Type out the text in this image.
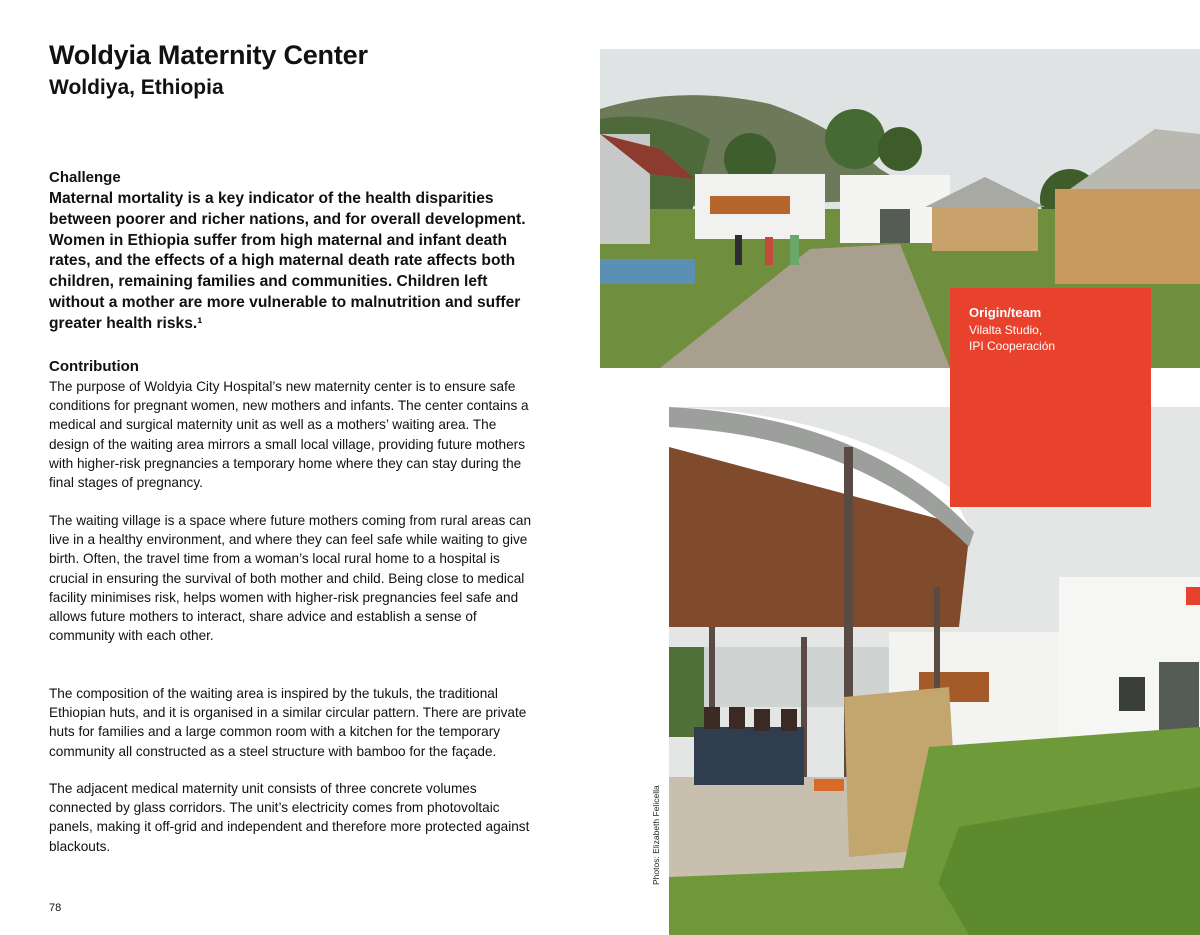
Woldyia Maternity Center
Woldiya, Ethiopia

Challenge

Maternal mortality is a key indicator of the health disparities between poorer and richer nations, and for overall development. Women in Ethiopia suffer from high maternal and infant death rates, and the effects of a high maternal death rate affects both children, remaining families and communities. Children left without a mother are more vulnerable to malnutrition and suffer greater health risks.¹

Contribution

The purpose of Woldyia City Hospital’s new maternity center is to ensure safe conditions for pregnant women, new mothers and infants. The center contains a medical and surgical maternity unit as well as a mothers’ waiting area. The design of the waiting area mirrors a small local village, providing future mothers with higher-risk pregnancies a temporary home where they can stay during the final stages of pregnancy.

The waiting village is a space where future mothers coming from rural areas can live in a healthy environment, and where they can feel safe while waiting to give birth. Often, the travel time from a woman’s local rural home to a hospital is crucial in ensuring the survival of both mother and child. Being close to medical facility minimises risk, helps women with higher-risk pregnancies feel safe and allows future mothers to interact, share advice and establish a sense of community with each other.

The composition of the waiting area is inspired by the tukuls, the traditional Ethiopian huts, and it is organised in a similar circular pattern. There are private huts for families and a large common room with a kitchen for the temporary community all constructed as a steel structure with bamboo for the façade.

The adjacent medical maternity unit consists of three concrete volumes connected by glass corridors. The unit’s electricity comes from photovoltaic panels, making it off-grid and independent and therefore more protected against blackouts.

78

Origin/team

Vilalta Studio,

IPI Cooperación

Photos: Elizabeth Felicella
